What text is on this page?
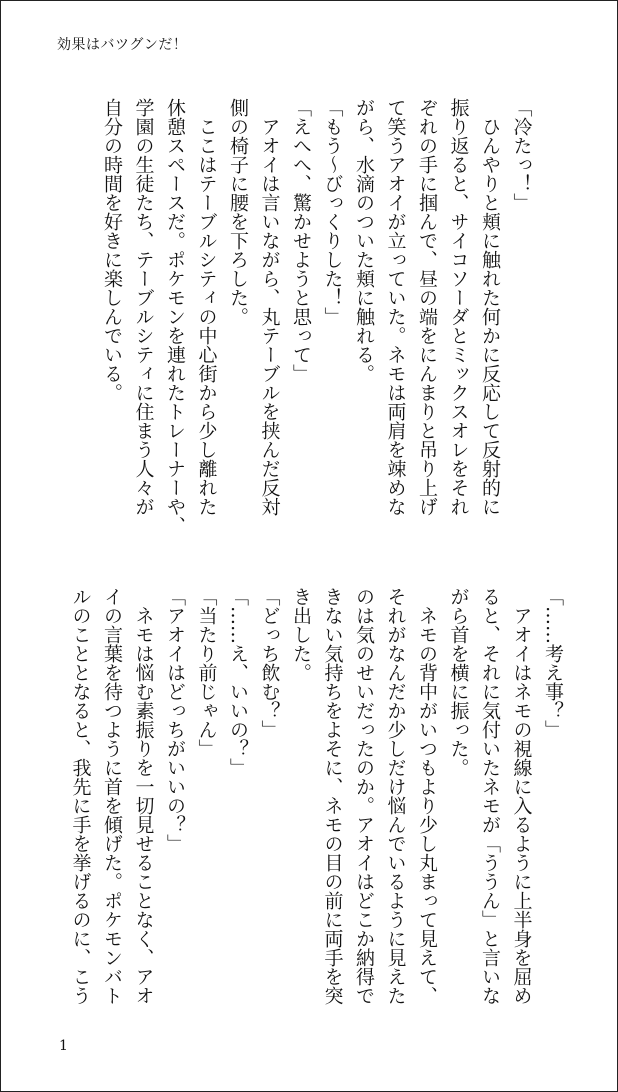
効果はバツグンだ！
「冷たっ！」
　ひんやりと頬に触れた何かに反応して反射的に
振り返ると、サイコソーダとミックスオレをそれ
ぞれの手に掴んで、昼の端をにんまりと吊り上げ
て笑うアオイが立っていた。ネモは両肩を竦めな
がら、水滴のついた頬に触れる。
「もう～びっくりした！」
「えへへ、驚かせようと思って」
　アオイは言いながら、丸テーブルを挟んだ反対
側の椅子に腰を下ろした。
　ここはテーブルシティの中心街から少し離れた
休憩スペースだ。ポケモンを連れたトレーナーや、
学園の生徒たち、テーブルシティに住まう人々が
自分の時間を好きに楽しんでいる。
「……考え事？」
　アオイはネモの視線に入るように上半身を屈め
ると、それに気付いたネモが「ううん」と言いな
がら首を横に振った。
　ネモの背中がいつもより少し丸まって見えて、
それがなんだか少しだけ悩んでいるように見えた
のは気のせいだったのか。アオイはどこか納得で
きない気持ちをよそに、ネモの目の前に両手を突
き出した。
「どっち飲む？」
「……え、いいの？」
「当たり前じゃん」
「アオイはどっちがいいの？」
　ネモは悩む素振りを一切見せることなく、アオ
イの言葉を待つように首を傾げた。ポケモンバト
ルのこととなると、我先に手を挙げるのに、こう
1
